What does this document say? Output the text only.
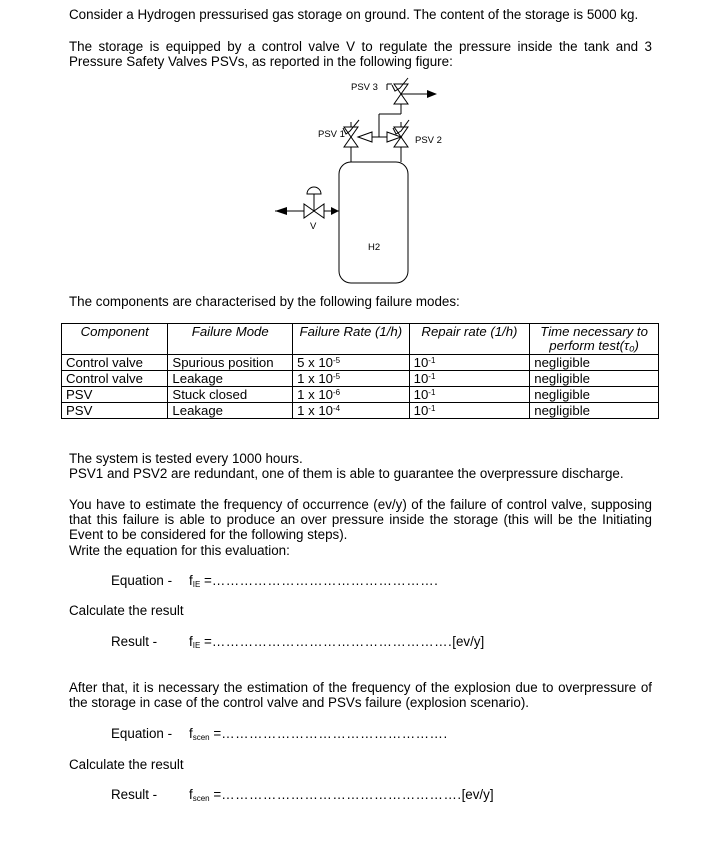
Consider a Hydrogen pressurised gas storage on ground. The content of the storage is 5000 kg.

The storage is equipped by a control valve V to regulate the pressure inside the tank and 3 Pressure Safety Valves PSVs, as reported in the following figure:

PSV 3
PSV 1
PSV 2
V
H2

The components are characterised by the following failure modes:

Component	Failure Mode	Failure Rate (1/h)	Repair rate (1/h)	Time necessary to perform test(τ₀)
Control valve	Spurious position	5 x $10^{-5}$	$10^{-1}$	negligible
Control valve	Leakage	1 x $10^{-5}$	$10^{-1}$	negligible
PSV	Stuck closed	1 x $10^{-6}$	$10^{-1}$	negligible
PSV	Leakage	1 x $10^{-4}$	$10^{-1}$	negligible

The system is tested every 1000 hours.

PSV1 and PSV2 are redundant, one of them is able to guarantee the overpressure discharge.

You have to estimate the frequency of occurrence (ev/y) of the failure of control valve, supposing that this failure is able to produce an over pressure inside the storage (this will be the Initiating Event to be considered for the following steps).

Write the equation for this evaluation:

Equation - $f_{IE}$ =………………………………………….

Calculate the result

Result - $f_{IE}$ =…………………………………………….[ev/y]

After that, it is necessary the estimation of the frequency of the explosion due to overpressure of the storage in case of the control valve and PSVs failure (explosion scenario).

Equation - $f_{scen}$ =………………………………………….

Calculate the result

Result - $f_{scen}$ =…………………………………………….[ev/y]
